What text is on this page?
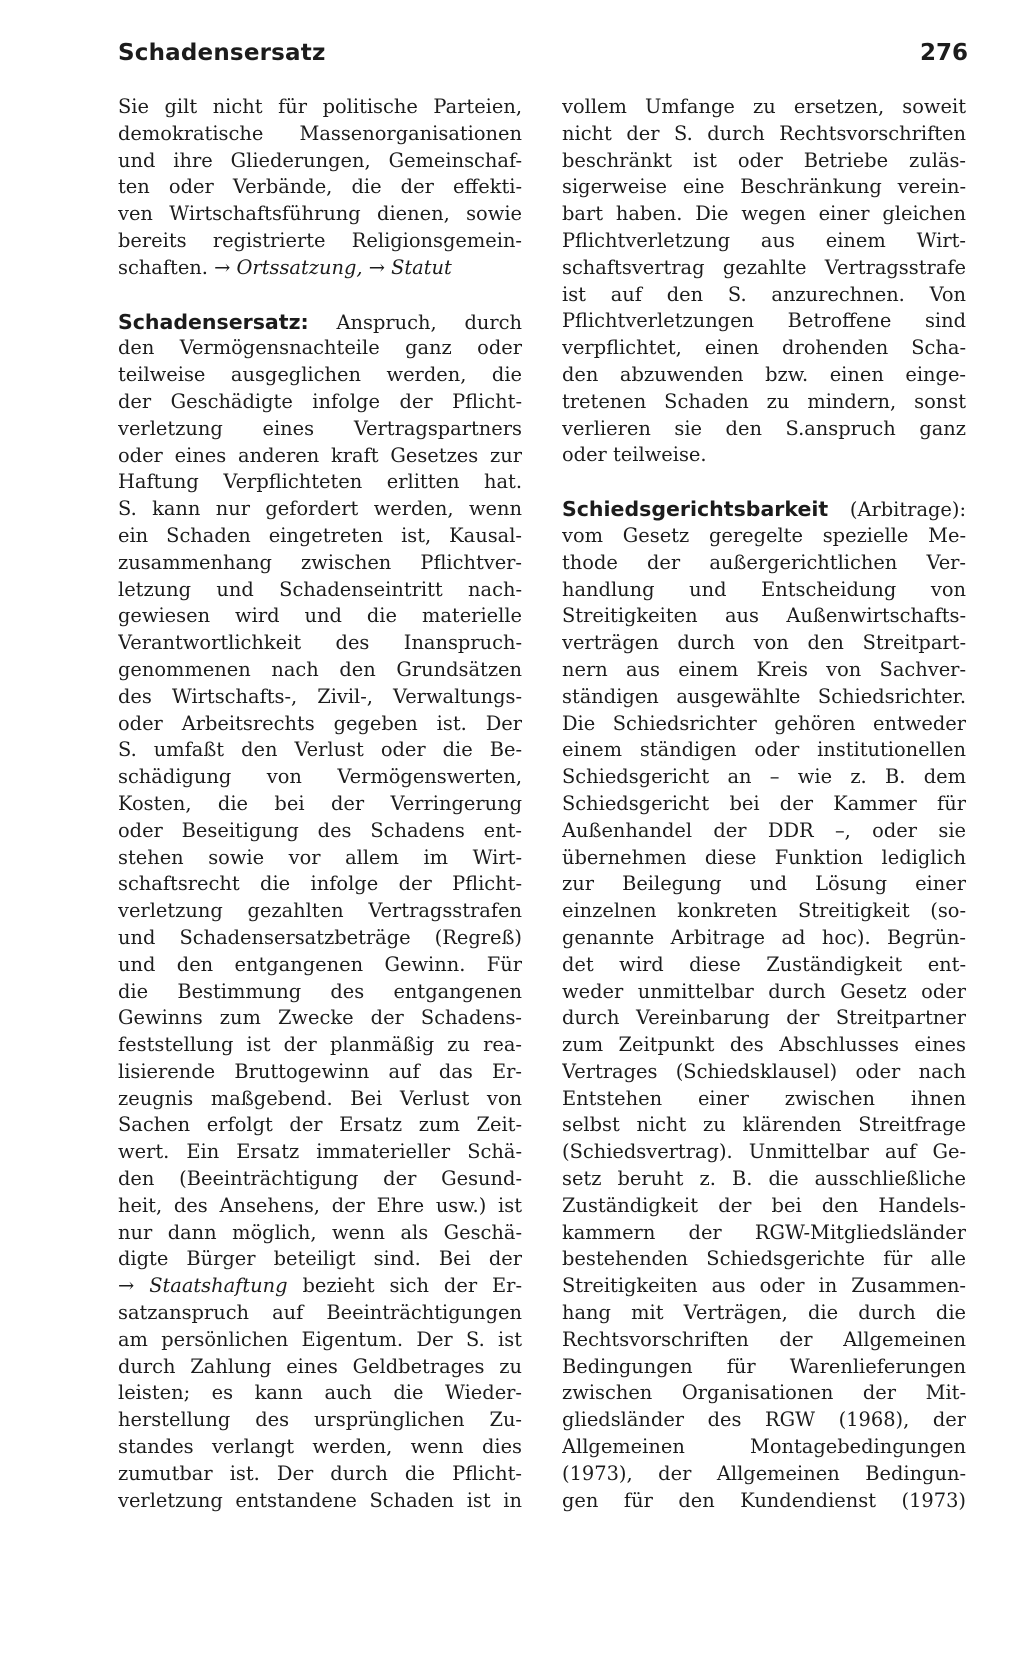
Schadensersatz	276
Sie gilt nicht für politische Parteien,
demokratische Massenorganisationen
und ihre Gliederungen, Gemeinschaf-
ten oder Verbände, die der effekti-
ven Wirtschaftsführung dienen, sowie
bereits registrierte Religionsgemein-
schaften. → Ortssatzung, → Statut
Schadensersatz: Anspruch, durch
den Vermögensnachteile ganz oder
teilweise ausgeglichen werden, die
der Geschädigte infolge der Pflicht-
verletzung eines Vertragspartners
oder eines anderen kraft Gesetzes zur
Haftung Verpflichteten erlitten hat.
S. kann nur gefordert werden, wenn
ein Schaden eingetreten ist, Kausal-
zusammenhang zwischen Pflichtver-
letzung und Schadenseintritt nach-
gewiesen wird und die materielle
Verantwortlichkeit des Inanspruch-
genommenen nach den Grundsätzen
des Wirtschafts-, Zivil-, Verwaltungs-
oder Arbeitsrechts gegeben ist. Der
S. umfaßt den Verlust oder die Be-
schädigung von Vermögenswerten,
Kosten, die bei der Verringerung
oder Beseitigung des Schadens ent-
stehen sowie vor allem im Wirt-
schaftsrecht die infolge der Pflicht-
verletzung gezahlten Vertragsstrafen
und Schadensersatzbeträge (Regreß)
und den entgangenen Gewinn. Für
die Bestimmung des entgangenen
Gewinns zum Zwecke der Schadens-
feststellung ist der planmäßig zu rea-
lisierende Bruttogewinn auf das Er-
zeugnis maßgebend. Bei Verlust von
Sachen erfolgt der Ersatz zum Zeit-
wert. Ein Ersatz immaterieller Schä-
den (Beeinträchtigung der Gesund-
heit, des Ansehens, der Ehre usw.) ist
nur dann möglich, wenn als Geschä-
digte Bürger beteiligt sind. Bei der
→ Staatshaftung bezieht sich der Er-
satzanspruch auf Beeinträchtigungen
am persönlichen Eigentum. Der S. ist
durch Zahlung eines Geldbetrages zu
leisten; es kann auch die Wieder-
herstellung des ursprünglichen Zu-
standes verlangt werden, wenn dies
zumutbar ist. Der durch die Pflicht-
verletzung entstandene Schaden ist in
vollem Umfange zu ersetzen, soweit
nicht der S. durch Rechtsvorschriften
beschränkt ist oder Betriebe zuläs-
sigerweise eine Beschränkung verein-
bart haben. Die wegen einer gleichen
Pflichtverletzung aus einem Wirt-
schaftsvertrag gezahlte Vertragsstrafe
ist auf den S. anzurechnen. Von
Pflichtverletzungen Betroffene sind
verpflichtet, einen drohenden Scha-
den abzuwenden bzw. einen einge-
tretenen Schaden zu mindern, sonst
verlieren sie den S.anspruch ganz
oder teilweise.
Schiedsgerichtsbarkeit (Arbitrage):
vom Gesetz geregelte spezielle Me-
thode der außergerichtlichen Ver-
handlung und Entscheidung von
Streitigkeiten aus Außenwirtschafts-
verträgen durch von den Streitpart-
nern aus einem Kreis von Sachver-
ständigen ausgewählte Schiedsrichter.
Die Schiedsrichter gehören entweder
einem ständigen oder institutionellen
Schiedsgericht an – wie z. B. dem
Schiedsgericht bei der Kammer für
Außenhandel der DDR –, oder sie
übernehmen diese Funktion lediglich
zur Beilegung und Lösung einer
einzelnen konkreten Streitigkeit (so-
genannte Arbitrage ad hoc). Begrün-
det wird diese Zuständigkeit ent-
weder unmittelbar durch Gesetz oder
durch Vereinbarung der Streitpartner
zum Zeitpunkt des Abschlusses eines
Vertrages (Schiedsklausel) oder nach
Entstehen einer zwischen ihnen
selbst nicht zu klärenden Streitfrage
(Schiedsvertrag). Unmittelbar auf Ge-
setz beruht z. B. die ausschließliche
Zuständigkeit der bei den Handels-
kammern der RGW-Mitgliedsländer
bestehenden Schiedsgerichte für alle
Streitigkeiten aus oder in Zusammen-
hang mit Verträgen, die durch die
Rechtsvorschriften der Allgemeinen
Bedingungen für Warenlieferungen
zwischen Organisationen der Mit-
gliedsländer des RGW (1968), der
Allgemeinen Montagebedingungen
(1973), der Allgemeinen Bedingun-
gen für den Kundendienst (1973)
